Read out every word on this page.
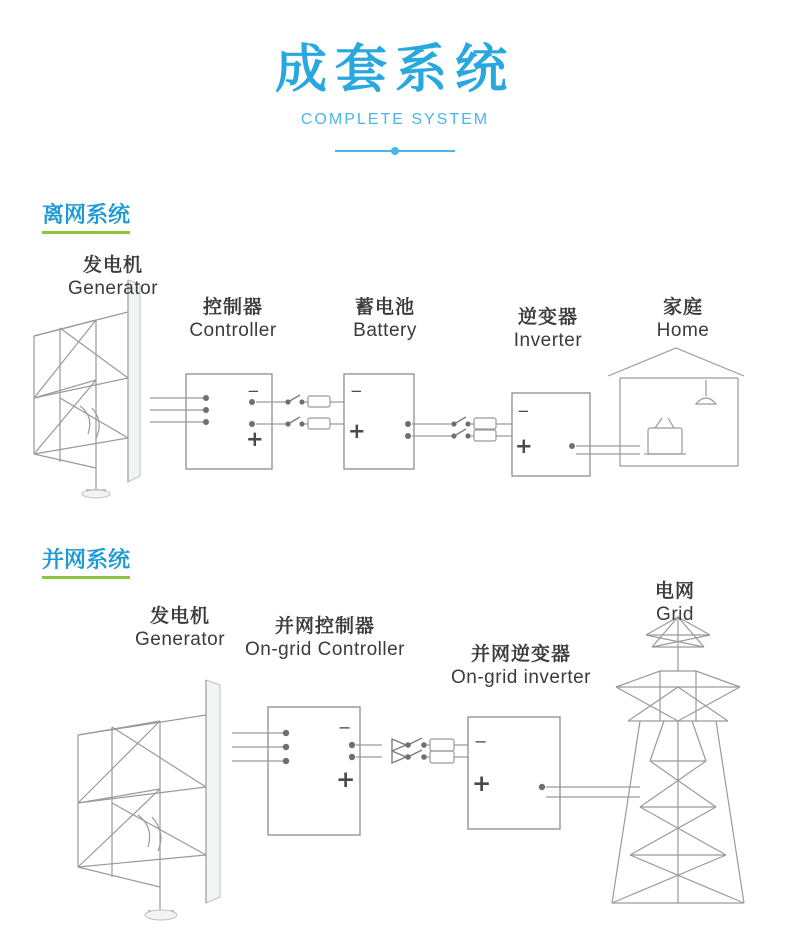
成套系统
COMPLETE SYSTEM
离网系统
发电机
Generator
控制器
Controller
蓄电池
Battery
逆变器
Inverter
家庭
Home
−
+
−
+
−
+
并网系统
发电机
Generator
并网控制器
On-grid Controller	并网逆变器
On-grid inverter
电网
Grid
−
+
−
+
